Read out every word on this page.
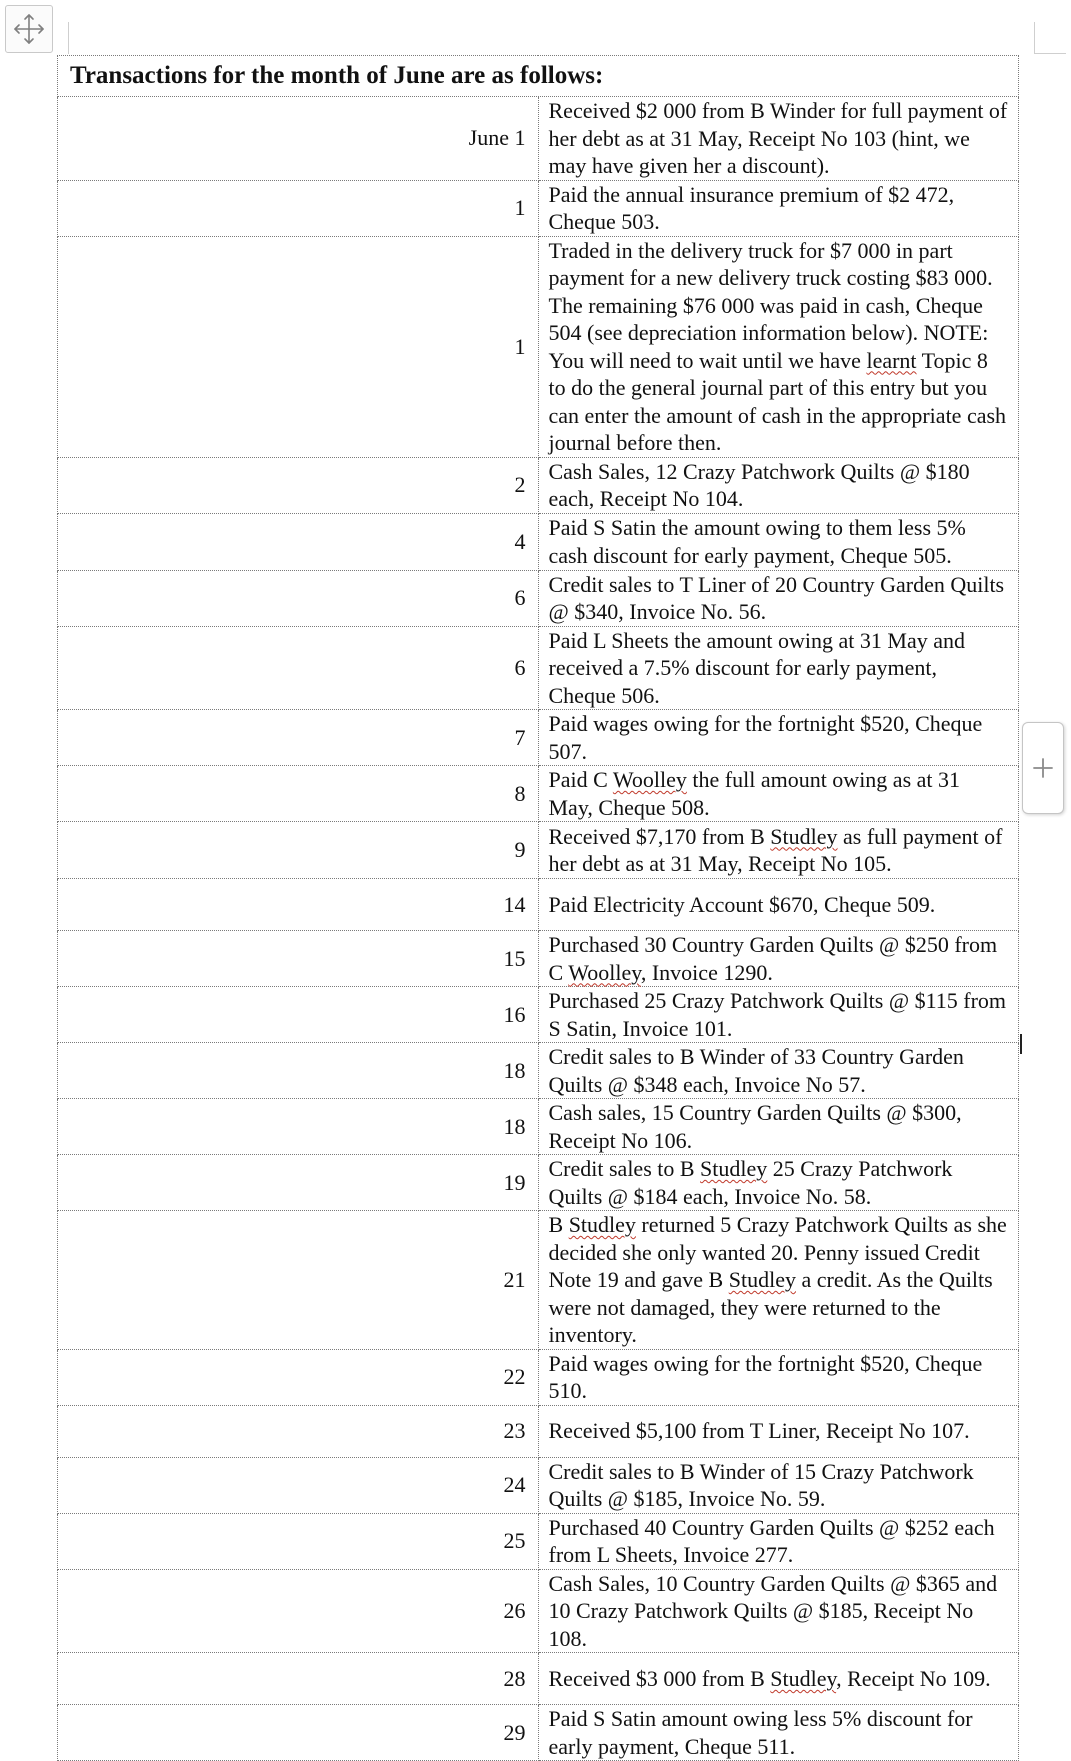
Transactions for the month of June are as follows:	
June 1	Received $2 000 from B Winder for full payment of her debt as at 31 May, Receipt No 103 (hint, we may have given her a discount).
1	Paid the annual insurance premium of $2 472, Cheque 503.
1	Traded in the delivery truck for $7 000 in part payment for a new delivery truck costing $83 000. The remaining $76 000 was paid in cash, Cheque 504 (see depreciation information below). NOTE: You will need to wait until we have learnt Topic 8 to do the general journal part of this entry but you can enter the amount of cash in the appropriate cash journal before then.
2	Cash Sales, 12 Crazy Patchwork Quilts @ $180 each, Receipt No 104.
4	Paid S Satin the amount owing to them less 5% cash discount for early payment, Cheque 505.
6	Credit sales to T Liner of 20 Country Garden Quilts @ $340, Invoice No. 56.
6	Paid L Sheets the amount owing at 31 May and received a 7.5% discount for early payment, Cheque 506.
7	Paid wages owing for the fortnight $520, Cheque 507.
8	Paid C Woolley the full amount owing as at 31 May, Cheque 508.
9	Received $7,170 from B Studley as full payment of her debt as at 31 May, Receipt No 105.
14	Paid Electricity Account $670, Cheque 509.
15	Purchased 30 Country Garden Quilts @ $250 from C Woolley, Invoice 1290.
16	Purchased 25 Crazy Patchwork Quilts @ $115 from S Satin, Invoice 101.
18	Credit sales to B Winder of 33 Country Garden Quilts @ $348 each, Invoice No 57.
18	Cash sales, 15 Country Garden Quilts @ $300, Receipt No 106.
19	Credit sales to B Studley 25 Crazy Patchwork Quilts @ $184 each, Invoice No. 58.
21	B Studley returned 5 Crazy Patchwork Quilts as she decided she only wanted 20. Penny issued Credit Note 19 and gave B Studley a credit. As the Quilts were not damaged, they were returned to the inventory.
22	Paid wages owing for the fortnight $520, Cheque 510.
23	Received $5,100 from T Liner, Receipt No 107.
24	Credit sales to B Winder of 15 Crazy Patchwork Quilts @ $185, Invoice No. 59.
25	Purchased 40 Country Garden Quilts @ $252 each from L Sheets, Invoice 277.
26	Cash Sales, 10 Country Garden Quilts @ $365 and 10 Crazy Patchwork Quilts @ $185, Receipt No 108.
28	Received $3 000 from B Studley, Receipt No 109.
29	Paid S Satin amount owing less 5% discount for early payment, Cheque 511.
